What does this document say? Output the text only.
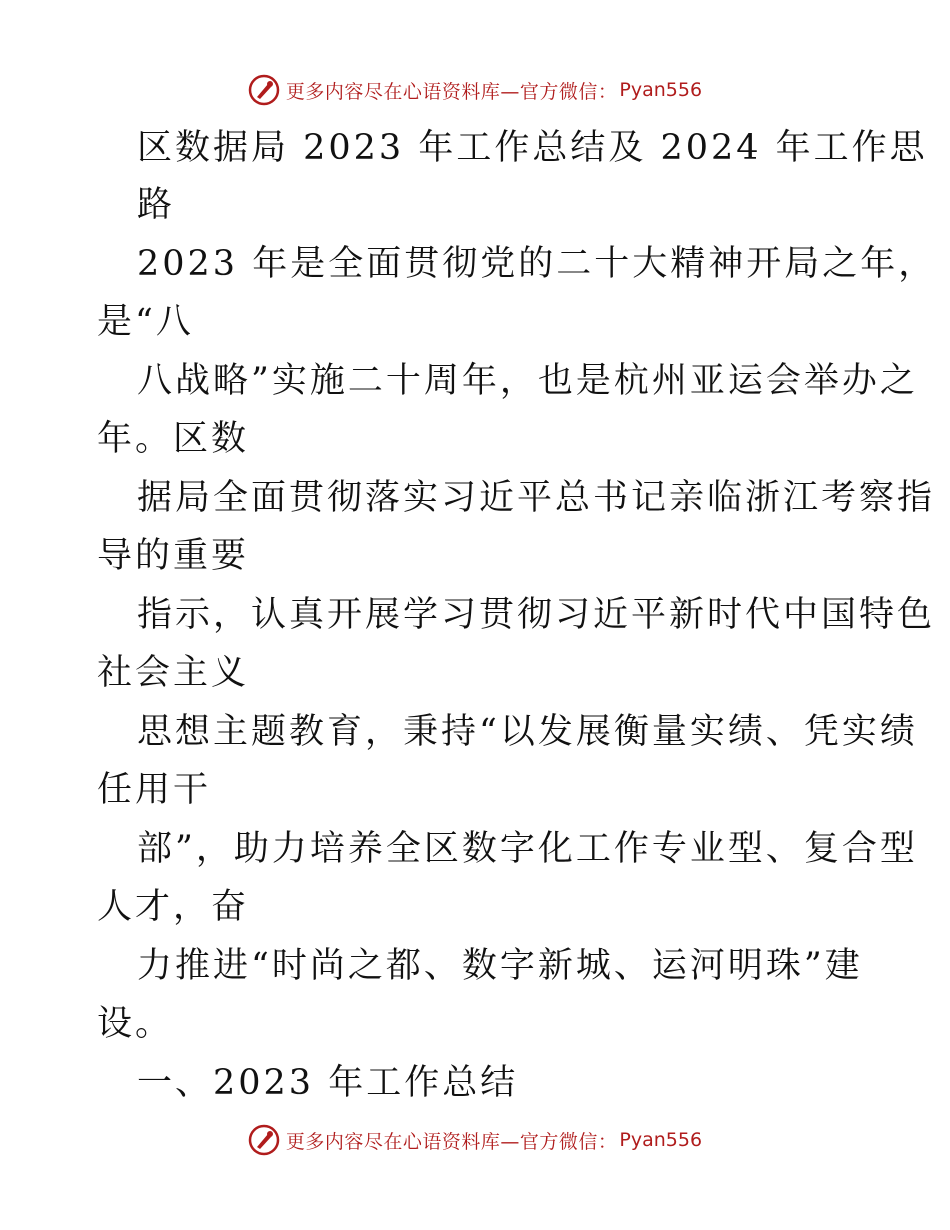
更多内容尽在心语资料库—官方微信： Pyan556
区数据局 2023 年工作总结及 2024 年工作思
路
2023 年是全面贯彻党的二十大精神开局之年，
是“八
八战略”实施二十周年，也是杭州亚运会举办之
年。区数
据局全面贯彻落实习近平总书记亲临浙江考察指
导的重要
指示，认真开展学习贯彻习近平新时代中国特色
社会主义
思想主题教育，秉持“以发展衡量实绩、凭实绩
任用干
部”，助力培养全区数字化工作专业型、复合型
人才，奋
力推进“时尚之都、数字新城、运河明珠”建
设。
一、2023 年工作总结
更多内容尽在心语资料库—官方微信： Pyan556
